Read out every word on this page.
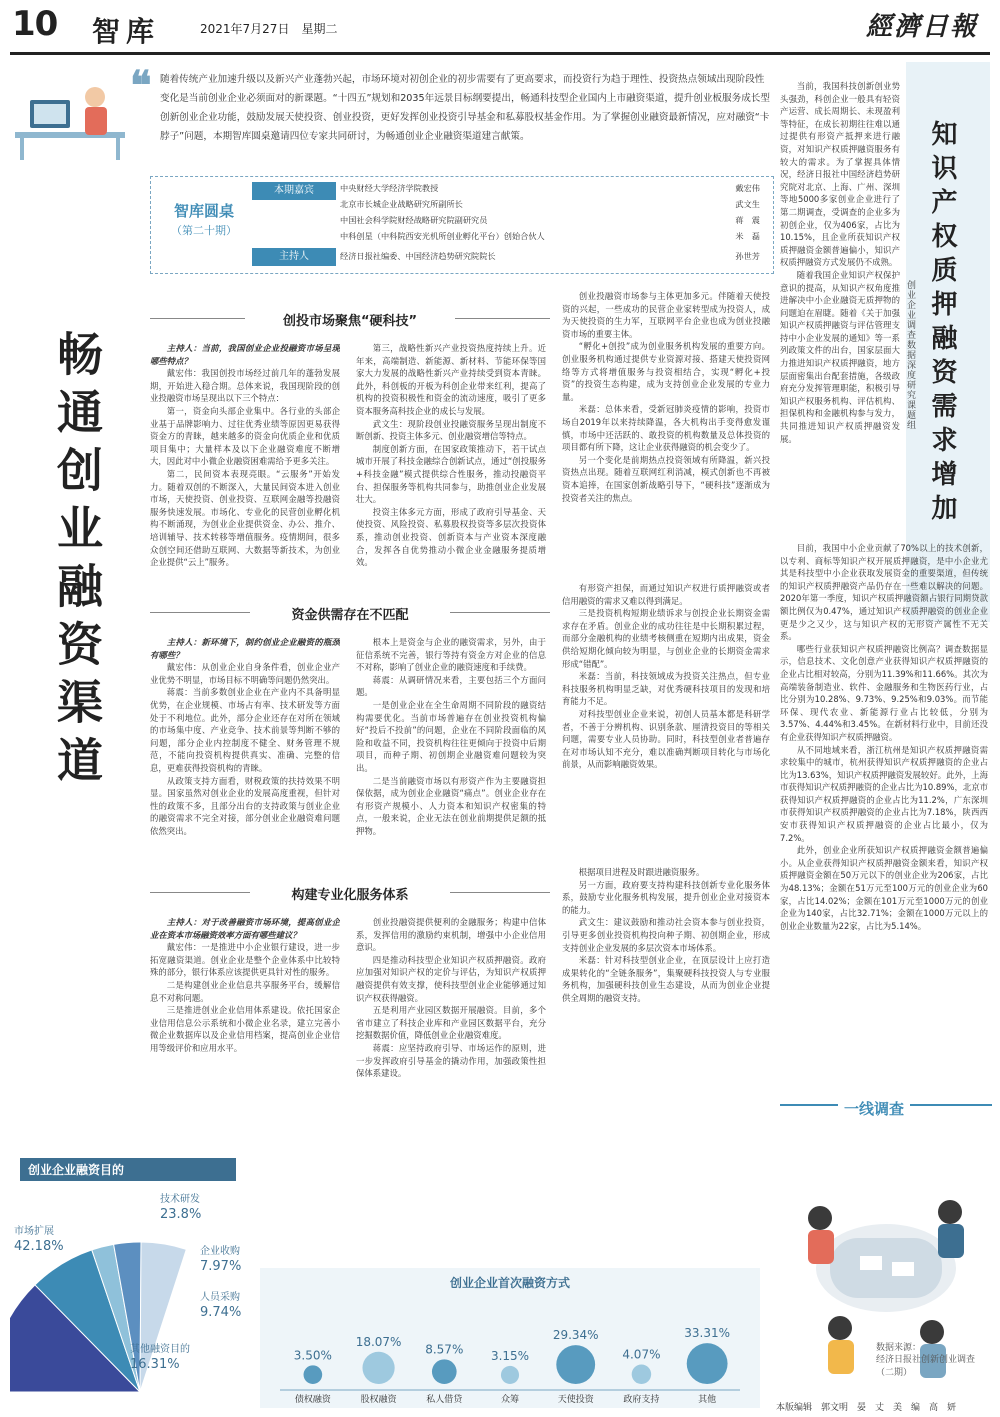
10 智库	2021年7月27日　星期二	經濟日報
畅通创业融资渠道
❝ 随着传统产业加速升级以及新兴产业蓬勃兴起，市场环境对初创企业的初步需要有了更高要求，而投资行为趋于理性、投资热点领域出现阶段性变化是当前创业企业必须面对的新课题。“十四五”规划和2035年远景目标纲要提出，畅通科技型企业国内上市融资渠道，提升创业板服务成长型创新创业企业功能，鼓励发展天使投资、创业投资，更好发挥创业投资引导基金和私募股权基金作用。为了掌握创业融资最新情况，应对融资“卡脖子”问题，本期智库圆桌邀请四位专家共同研讨，为畅通创业企业融资渠道建言献策。
智库圆桌
（第二十期）
本期嘉宾
主持人
中央财经大学经济学院教授	戴宏伟
北京市长城企业战略研究所副所长	武文生
中国社会科学院财经战略研究院副研究员	蒋　震
中科创星（中科院西安光机所创业孵化平台）创始合伙人	米　磊
经济日报社编委、中国经济趋势研究院院长	孙世芳
创投市场聚焦“硬科技”

主持人：当前，我国创业企业投融资市场呈现哪些特点？

戴宏伟：我国创投市场经过前几年的蓬勃发展期，开始进入稳合期。总体来说，我国现阶段的创业投融资市场呈现出以下三个特点：

第一，资金向头部企业集中。各行业的头部企业基于品牌影响力、过往优秀业绩等原因更易获得资金方的青睐，越来越多的资金向优质企业和优质项目集中；大量样本及以下企业融资难度不断增大，因此对中小微企业融资困难需给予更多关注。

第二，民间资本表现亮眼。“云服务”开始发力。随着双创的不断深入，大量民间资本进入创业市场，天使投资、创业投资、互联网金融等投融资服务快速发展。市场化、专业化的民营创业孵化机构不断涌现，为创业企业提供资金、办公、推介、培训辅导、技术转移等增值服务。疫情期间，很多众创空间还借助互联网、大数据等新技术，为创业企业提供“云上”服务。

第三，战略性新兴产业投资热度持续上升。近年来，高端制造、新能源、新材料、节能环保等国家大力发展的战略性新兴产业持续受到资本青睐。此外，科创板的开板为科创企业带来红利，提高了机构的投资积极性和资金的流动速度，吸引了更多资本服务高科技企业的成长与发展。

武文生：现阶段创业投融资服务呈现出制度不断创新、投资主体多元、创业融资增信等特点。

制度创新方面，在国家政策推动下，若干试点城市开展了科技金融综合创新试点，通过“创投服务+科技金融”模式提供综合性服务，推动投融资平台、担保服务等机构共同参与，助推创业企业发展壮大。

投资主体多元方面，形成了政府引导基金、天使投资、风险投资、私募股权投资等多层次投资体系，推动创业投资、创新资本与产业资本深度融合，发挥各自优势推动小微企业金融服务提质增效。

创业投融资市场参与主体更加多元。伴随着天使投资的兴起，一些成功的民营企业家转型成为投资人，成为天使投资的生力军，互联网平台企业也成为创业投融资市场的重要主体。

“孵化+创投”成为创业服务机构发展的重要方向。创业服务机构通过提供专业资源对接、搭建天使投资网络等方式将增值服务与投资相结合，实现“孵化+投资”的投资生态构建，成为支持创业企业发展的专业力量。

米磊：总体来看，受新冠肺炎疫情的影响，投资市场自2019年以来持续降温，各大机构出手变得愈发谨慎，市场中还活跃的、敢投资的机构数量及总体投资的项目都有所下降，这让企业获得融资的机会变少了。

另一个变化是前期热点投资领域有所降温，新兴投资热点出现。随着互联网红利消减，模式创新也不再被资本追捧，在国家创新战略引导下，“硬科技”逐渐成为投资者关注的焦点。

资金供需存在不匹配

主持人：新环境下，制约创业企业融资的瓶颈有哪些？

戴宏伟：从创业企业自身条件看，创业企业产业优势不明显，市场目标不明确等问题仍然突出。

蒋震：当前多数创业企业在产业内不具备明显优势，在企业规模、市场占有率、技术研发等方面处于不利地位。此外，部分企业还存在对所在领域的市场集中度、产业竞争、技术前景等判断不够的问题，部分企业内控制度不健全、财务管理不规范，不能向投资机构提供真实、准确、完整的信息，更难获得投资机构的青睐。

从政策支持方面看，财税政策的扶持效果不明显。国家虽然对创业企业的发展高度重视，但针对性的政策不多，且部分出台的支持政策与创业企业的融资需求不完全对接，部分创业企业融资难问题依然突出。

根本上是资金与企业的融资需求，另外，由于征信系统不完善，银行等持有资金方对企业的信息不对称，影响了创业企业的融资速度和手续费。

蒋震：从调研情况来看，主要包括三个方面问题。

一是创业企业在全生命周期不同阶段的融资结构需要优化。当前市场普遍存在创业投资机构偏好“投后不投前”的问题，企业在不同阶段面临的风险和收益不同，投资机构往往更倾向于投资中后期项目，而种子期、初创期企业融资难问题较为突出。

二是当前融资市场以有形资产作为主要融资担保依据，成为创业企业融资“痛点”。创业企业存在有形资产规模小、人力资本和知识产权密集的特点，一般来说，企业无法在创业前期提供足额的抵押物。

有形资产担保，而通过知识产权进行质押融资或者信用融资的需求又难以得到满足。

三是投资机构短期业绩诉求与创投企业长期资金需求存在矛盾。创业企业的成功往往是中长期积累过程，而部分金融机构的业绩考核侧重在短期内出成果，资金供给短期化倾向较为明显，与创业企业的长期资金需求形成“错配”。

米磊：当前，科技领域成为投资关注热点，但专业科技服务机构明显乏缺，对优秀硬科技项目的发现和培育能力不足。

对科技型创业企业来说，初创人员基本都是科研学者，不善于分辨机构、识别条款、厘清投资目的等相关问题，需要专业人员协助。同时，科技型创业者普遍存在对市场认知不充分，难以准确判断项目转化与市场化前景，从而影响融资效果。

构建专业化服务体系

主持人：对于改善融资市场环境，提高创业企业在资本市场融资效率方面有哪些建议？

戴宏伟：一是推进中小企业银行建设，进一步拓宽融资渠道。创业企业是整个企业体系中比较特殊的部分，银行体系应该提供更具针对性的服务。

二是构建创业企业信息共享服务平台，缓解信息不对称问题。

三是推进创业企业信用体系建设。依托国家企业信用信息公示系统和小微企业名录，建立完善小微企业数据库以及企业信用档案，提高创业企业信用等级评价和应用水平。

创业投融资提供便利的金融服务；构建中信体系，发挥信用的激励约束机制，增强中小企业信用意识。

四是推动科技型企业知识产权质押融资。政府应加强对知识产权的定价与评估，为知识产权质押融资提供有效支撑，使科技型创业企业能够通过知识产权获得融资。

五是利用产业园区数据开展融资。目前，多个省市建立了科技企业库和产业园区数据平台，充分挖掘数据价值，降低创业企业融资难度。

蒋震：应坚持政府引导、市场运作的原则，进一步发挥政府引导基金的撬动作用，加强政策性担保体系建设。

根据项目进程及时跟进融资服务。

另一方面，政府要支持构建科技创新专业化服务体系，鼓励专业化服务机构发展，提升创业企业对接资本的能力。

武文生：建议鼓励和推动社会资本参与创业投资，引导更多创业投资机构投向种子期、初创期企业，形成支持创业企业发展的多层次资本市场体系。

米磊：针对科技型创业企业，在顶层设计上应打造成果转化的“全链条服务”，集聚硬科技投资人与专业服务机构，加强硬科技创业生态建设，从而为创业企业提供全周期的融资支持。

创业企业融资目的
市场扩展
42.18%
技术研发
23.8%
企业收购
7.97%
人员采购
9.74%
其他融资目的
16.31%
创业企业首次融资方式
3.50%
债权融资
18.07%
股权融资
8.57%
私人借贷
3.15%
众筹
29.34%
天使投资
4.07%
政府支持
33.31%
其他
知识产权质押融资需求增加
创业企业调查数据深度研究课题组

当前，我国科技创新创业势头强劲，科创企业一般具有轻资产运营、成长周期长、未现盈利等特征，在成长初期往往难以通过提供有形资产抵押来进行融资，对知识产权质押融资服务有较大的需求。为了掌握具体情况，经济日报社中国经济趋势研究院对北京、上海、广州、深圳等地5000多家创业企业进行了第二期调查，受调查的企业多为初创企业，仅为406家，占比为10.15%，且企业所获知识产权质押融资金额普遍偏小，知识产权质押融资方式发展仍不成熟。

随着我国企业知识产权保护意识的提高，从知识产权角度推进解决中小企业融资无质押物的问题迫在眉睫。随着《关于加强知识产权质押融资与评估管理支持中小企业发展的通知》等一系列政策文件的出台，国家层面大力推进知识产权质押融资，地方层面密集出台配套措施，各级政府充分发挥管理职能，积极引导知识产权服务机构、评估机构、担保机构和金融机构参与发力，共同推进知识产权质押融资发展。

目前，我国中小企业贡献了70%以上的技术创新，以专利、商标等知识产权开展质押融资，是中小企业尤其是科技型中小企业获取发展资金的重要渠道，但传统的知识产权质押融资产品仍存在一些难以解决的问题。2020年第一季度，知识产权质押融资额占银行同期贷款额比例仅为0.47%，通过知识产权质押融资的创业企业更是少之又少，这与知识产权的无形资产属性不无关系。

哪些行业获知识产权质押融资比例高？调查数据显示，信息技术、文化创意产业获得知识产权质押融资的企业占比相对较高，分别为11.39%和11.66%。其次为高端装备制造业、软件、金融服务和生物医药行业，占比分别为10.28%、9.73%、9.25%和9.03%。而节能环保、现代农业、新能源行业占比较低，分别为3.57%、4.44%和3.45%。在新材料行业中，目前还没有企业获得知识产权质押融资。

从不同地域来看，浙江杭州是知识产权质押融资需求较集中的城市，杭州获得知识产权质押融资的企业占比为13.63%，知识产权质押融资发展较好。此外，上海市获得知识产权质押融资的企业占比为10.89%，北京市获得知识产权质押融资的企业占比为11.2%，广东深圳市获得知识产权质押融资的企业占比为7.18%，陕西西安市获得知识产权质押融资的企业占比最小，仅为7.2%。

此外，创业企业所获知识产权质押融资金额普遍偏小。从企业获得知识产权质押融资金额来看，知识产权质押融资金额在50万元以下的创业企业为206家，占比为48.13%；金额在51万元至100万元的创业企业为60家，占比14.02%；金额在101万元至1000万元的创业企业为140家，占比32.71%；金额在1000万元以上的创业企业数量为22家，占比为5.14%。

一线调查
数据来源：
经济日报社创新创业调查（二期）
本版编辑　郭文明　晏　丈　美　编　高　妍
